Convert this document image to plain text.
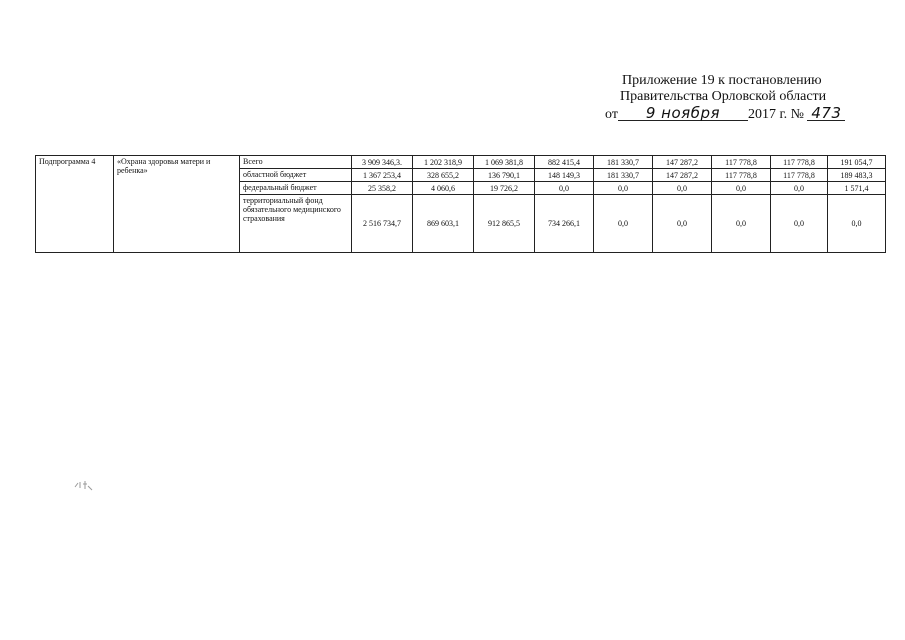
Приложение 19 к постановлению
Правительства Орловской области
от 9 ноября 2017 г. № 473
Подпрограмма 4	«Охрана здоровья матери и ребенка»	Всего	3 909 346,3.	1 202 318,9	1 069 381,8	882 415,4	181 330,7	147 287,2	117 778,8	117 778,8	191 054,7
		областной бюджет	1 367 253,4	328 655,2	136 790,1	148 149,3	181 330,7	147 287,2	117 778,8	117 778,8	189 483,3
		федеральный бюджет	25 358,2	4 060,6	19 726,2	0,0	0,0	0,0	0,0	0,0	1 571,4
		территориальный фонд обязательного медицинского страхования	2 516 734,7	869 603,1	912 865,5	734 266,1	0,0	0,0	0,0	0,0	0,0
